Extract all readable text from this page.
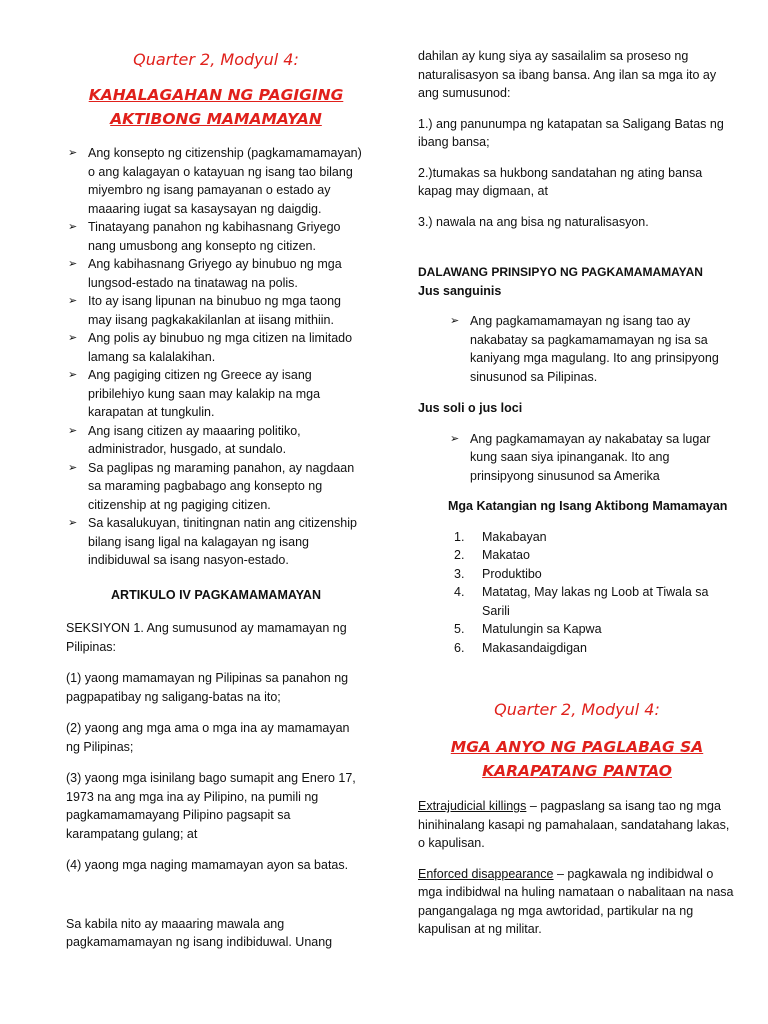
Quarter 2, Modyul 4:

KAHALAGAHAN NG PAGIGING

AKTIBONG MAMAMAYAN

➢ Ang konsepto ng citizenship (pagkamamamayan) o ang kalagayan o katayuan ng isang tao bilang miyembro ng isang pamayanan o estado ay maaaring iugat sa kasaysayan ng daigdig.
➢ Tinatayang panahon ng kabihasnang Griyego nang umusbong ang konsepto ng citizen.
➢ Ang kabihasnang Griyego ay binubuo ng mga lungsod-estado na tinatawag na polis.
➢ Ito ay isang lipunan na binubuo ng mga taong may iisang pagkakakilanlan at iisang mithiin.
➢ Ang polis ay binubuo ng mga citizen na limitado lamang sa kalalakihan.
➢ Ang pagiging citizen ng Greece ay isang pribilehiyo kung saan may kalakip na mga karapatan at tungkulin.
➢ Ang isang citizen ay maaaring politiko, administrador, husgado, at sundalo.
➢ Sa paglipas ng maraming panahon, ay nagdaan sa maraming pagbabago ang konsepto ng citizenship at ng pagiging citizen.
➢ Sa kasalukuyan, tinitingnan natin ang citizenship bilang isang ligal na kalagayan ng isang indibiduwal sa isang nasyon-estado.

ARTIKULO IV PAGKAMAMAMAYAN

SEKSIYON 1. Ang sumusunod ay mamamayan ng Pilipinas:

(1) yaong mamamayan ng Pilipinas sa panahon ng pagpapatibay ng saligang-batas na ito;

(2) yaong ang mga ama o mga ina ay mamamayan ng Pilipinas;

(3) yaong mga isinilang bago sumapit ang Enero 17, 1973 na ang mga ina ay Pilipino, na pumili ng pagkamamamayang Pilipino pagsapit sa karampatang gulang; at

(4) yaong mga naging mamamayan ayon sa batas.

Sa kabila nito ay maaaring mawala ang pagkamamamayan ng isang indibiduwal. Unang

dahilan ay kung siya ay sasailalim sa proseso ng naturalisasyon sa ibang bansa. Ang ilan sa mga ito ay ang sumusunod:

1.) ang panunumpa ng katapatan sa Saligang Batas ng ibang bansa;

2.)tumakas sa hukbong sandatahan ng ating bansa kapag may digmaan, at

3.) nawala na ang bisa ng naturalisasyon.

DALAWANG PRINSIPYO NG PAGKAMAMAMAYAN

Jus sanguinis

➢ Ang pagkamamamayan ng isang tao ay nakabatay sa pagkamamamayan ng isa sa kaniyang mga magulang. Ito ang prinsipyong sinusunod sa Pilipinas.

Jus soli o jus loci

➢ Ang pagkamamayan ay nakabatay sa lugar kung saan siya ipinanganak. Ito ang prinsipyong sinusunod sa Amerika

Mga Katangian ng Isang Aktibong Mamamayan

1. Makabayan
2. Makatao
3. Produktibo
4. Matatag, May lakas ng Loob at Tiwala sa Sarili
5. Matulungin sa Kapwa
6. Makasandaigdigan

Quarter 2, Modyul 4:

MGA ANYO NG PAGLABAG SA

KARAPATANG PANTAO

Extrajudicial killings – pagpaslang sa isang tao ng mga hinihinalang kasapi ng pamahalaan, sandatahang lakas, o kapulisan.

Enforced disappearance – pagkawala ng indibidwal o mga indibidwal na huling namataan o nabalitaan na nasa pangangalaga ng mga awtoridad, partikular na ng kapulisan at ng militar.
